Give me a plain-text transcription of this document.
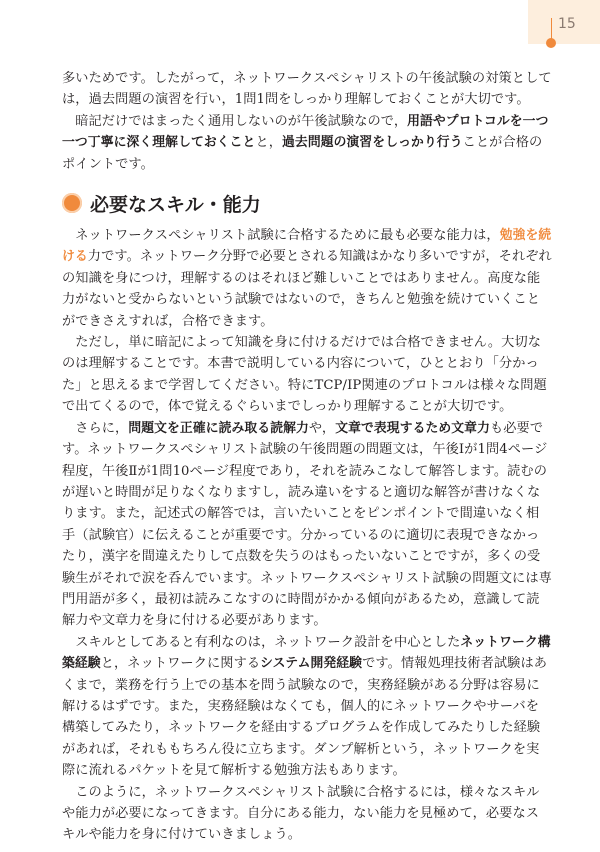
15

多いためです。したがって，ネットワークスペシャリストの午後試験の対策としては，過去問題の演習を行い，1問1問をしっかり理解しておくことが大切です。

暗記だけではまったく通用しないのが午後試験なので，用語やプロトコルを一つ一つ丁寧に深く理解しておくことと，過去問題の演習をしっかり行うことが合格のポイントです。

必要なスキル・能力

ネットワークスペシャリスト試験に合格するために最も必要な能力は，勉強を続ける力です。ネットワーク分野で必要とされる知識はかなり多いですが，それぞれの知識を身につけ，理解するのはそれほど難しいことではありません。高度な能力がないと受からないという試験ではないので，きちんと勉強を続けていくことができさえすれば，合格できます。

ただし，単に暗記によって知識を身に付けるだけでは合格できません。大切なのは理解することです。本書で説明している内容について，ひととおり「分かった」と思えるまで学習してください。特にTCP/IP関連のプロトコルは様々な問題で出てくるので，体で覚えるぐらいまでしっかり理解することが大切です。

さらに，問題文を正確に読み取る読解力や，文章で表現するため文章力も必要です。ネットワークスペシャリスト試験の午後問題の問題文は，午後Ⅰが1問4ページ程度，午後Ⅱが1問10ページ程度であり，それを読みこなして解答します。読むのが遅いと時間が足りなくなりますし，読み違いをすると適切な解答が書けなくなります。また，記述式の解答では，言いたいことをピンポイントで間違いなく相手（試験官）に伝えることが重要です。分かっているのに適切に表現できなかったり，漢字を間違えたりして点数を失うのはもったいないことですが，多くの受験生がそれで涙を呑んでいます。ネットワークスペシャリスト試験の問題文には専門用語が多く，最初は読みこなすのに時間がかかる傾向があるため，意識して読解力や文章力を身に付ける必要があります。

スキルとしてあると有利なのは，ネットワーク設計を中心としたネットワーク構築経験と，ネットワークに関するシステム開発経験です。情報処理技術者試験はあくまで，業務を行う上での基本を問う試験なので，実務経験がある分野は容易に解けるはずです。また，実務経験はなくても，個人的にネットワークやサーバを構築してみたり，ネットワークを経由するプログラムを作成してみたりした経験があれば，それももちろん役に立ちます。ダンプ解析という，ネットワークを実際に流れるパケットを見て解析する勉強方法もあります。

このように，ネットワークスペシャリスト試験に合格するには，様々なスキルや能力が必要になってきます。自分にある能力，ない能力を見極めて，必要なスキルや能力を身に付けていきましょう。
